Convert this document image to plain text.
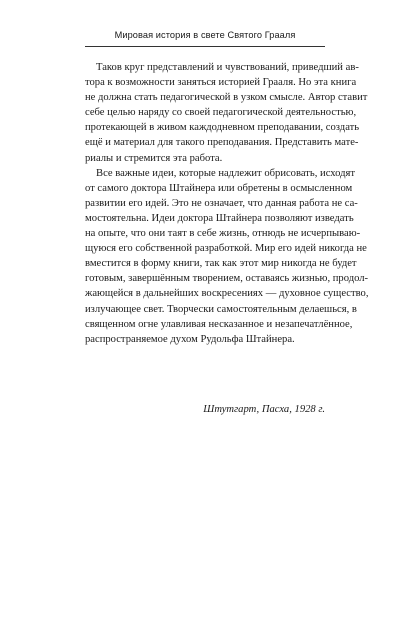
Мировая история в свете Святого Грааля
Таков круг представлений и чувствований, приведший ав-
тора к возможности заняться историей Грааля. Но эта книга
не должна стать педагогической в узком смысле. Автор ставит
себе целью наряду со своей педагогической деятельностью,
протекающей в живом каждодневном преподавании, создать
ещё и материал для такого преподавания. Представить мате-
риалы и стремится эта работа.
Все важные идеи, которые надлежит обрисовать, исходят
от самого доктора Штайнера или обретены в осмысленном
развитии его идей. Это не означает, что данная работа не са-
мостоятельна. Идеи доктора Штайнера позволяют изведать
на опыте, что они таят в себе жизнь, отнюдь не исчерпываю-
щуюся его собственной разработкой. Мир его идей никогда не
вместится в форму книги, так как этот мир никогда не будет
готовым, завершённым творением, оставаясь жизнью, продол-
жающейся в дальнейших воскресениях — духовное существо,
излучающее свет. Творчески самостоятельным делаешься, в
священном огне улавливая несказанное и незапечатлённое,
распространяемое духом Рудольфа Штайнера.
Штутгарт, Пасха, 1928 г.
